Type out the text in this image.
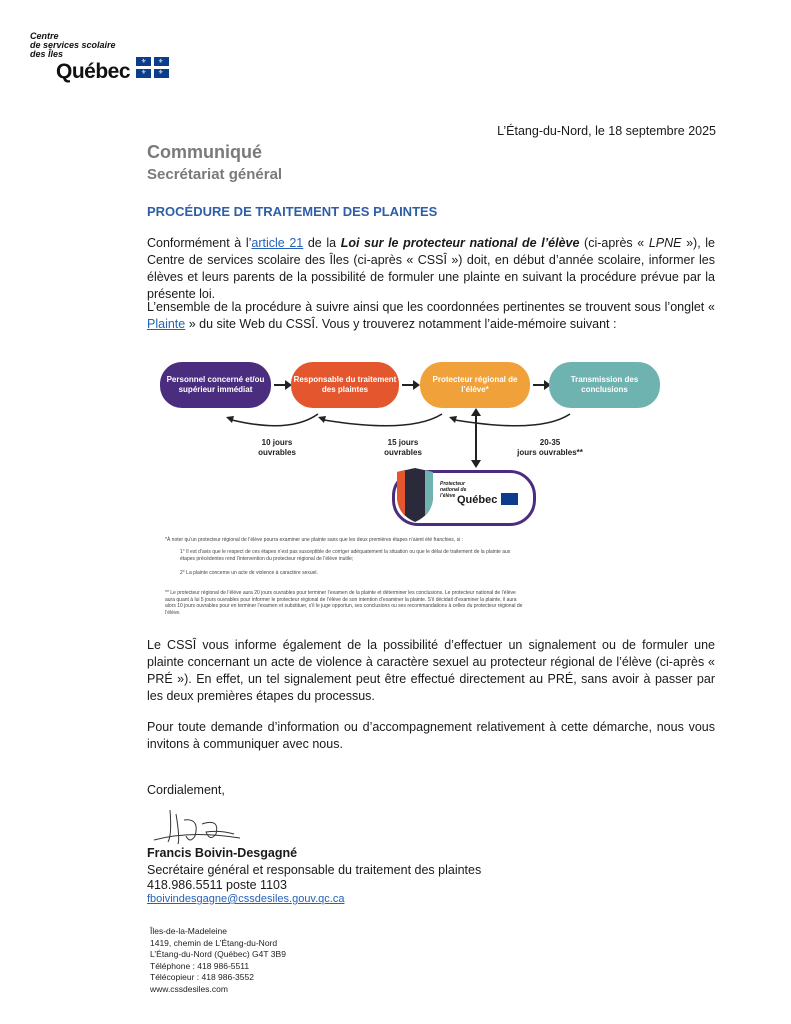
Centre
de services scolaire
des Îles
Québec ⚜ ⚜
⚜ ⚜
L’Étang-du-Nord, le 18 septembre 2025
Communiqué
Secrétariat général
PROCÉDURE DE TRAITEMENT DES PLAINTES
Conformément à l’article 21 de la Loi sur le protecteur national de l’élève (ci-après « LPNE »), le Centre de services scolaire des Îles (ci-après « CSSÎ ») doit, en début d’année scolaire, informer les élèves et leurs parents de la possibilité de formuler une plainte en suivant la procédure prévue par la présente loi.
L’ensemble de la procédure à suivre ainsi que les coordonnées pertinentes se trouvent sous l’onglet « Plainte » du site Web du CSSÎ. Vous y trouverez notamment l’aide-mémoire suivant :
Personnel concerné et/ou supérieur immédiat
Responsable du traitement des plaintes
Protecteur régional de l’élève*
Transmission des conclusions
10 jours
ouvrables
15 jours
ouvrables
20-35
jours ouvrables**
Protecteur national de l’élève Québec
*À noter qu’un protecteur régional de l’élève pourra examiner une plainte sans que les deux premières étapes n’aient été franchies, si :
1° Il est d’avis que le respect de ces étapes n’est pas susceptible de corriger adéquatement la situation ou que le délai de traitement de la plainte aux étapes précédentes rend l’intervention du protecteur régional de l’élève inutile;
2° La plainte concerne un acte de violence à caractère sexuel.
** Le protecteur régional de l’élève aura 20 jours ouvrables pour terminer l’examen de la plainte et déterminer les conclusions. Le protecteur national de l’élève aura quant à lui 5 jours ouvrables pour informer le protecteur régional de l’élève de son intention d’examiner la plainte. S’il décidait d’examiner la plainte, il aura alors 10 jours ouvrables pour en terminer l’examen et substituer, s’il le juge opportun, ses conclusions ou ses recommandations à celles du protecteur régional de l’élève.
Le CSSÎ vous informe également de la possibilité d’effectuer un signalement ou de formuler une plainte concernant un acte de violence à caractère sexuel au protecteur régional de l’élève (ci-après « PRÉ »). En effet, un tel signalement peut être effectué directement au PRÉ, sans avoir à passer par les deux premières étapes du processus.
Pour toute demande d’information ou d’accompagnement relativement à cette démarche, nous vous invitons à communiquer avec nous.
Cordialement,
Francis Boivin-Desgagné
Secrétaire général et responsable du traitement des plaintes
418.986.5511 poste 1103
fboivindesgagne@cssdesiles.gouv.qc.ca
Îles-de-la-Madeleine
1419, chemin de L’Étang-du-Nord
L’Étang-du-Nord (Québec) G4T 3B9
Téléphone : 418 986-5511
Télécopieur : 418 986-3552
www.cssdesiles.com
